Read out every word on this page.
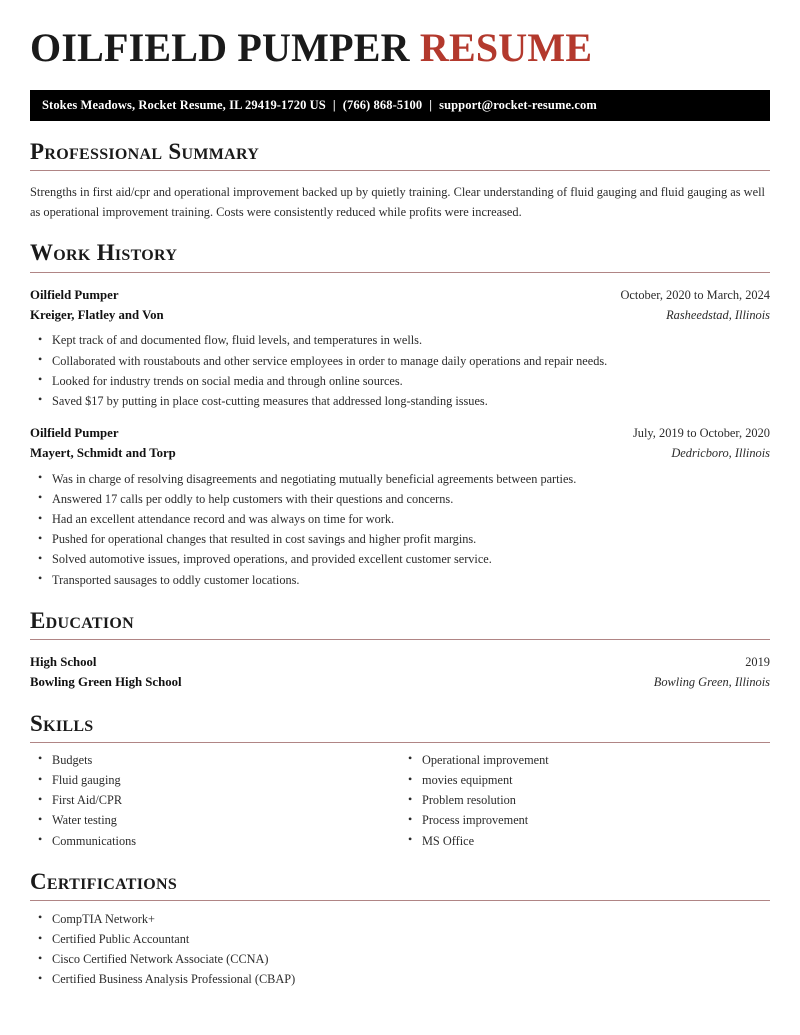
OILFIELD PUMPER RESUME
Stokes Meadows, Rocket Resume, IL 29419-1720 US | (766) 868-5100 | support@rocket-resume.com
Professional Summary

Strengths in first aid/cpr and operational improvement backed up by quietly training. Clear understanding of fluid gauging and fluid gauging as well as operational improvement training. Costs were consistently reduced while profits were increased.

Work History
Oilfield Pumper	October, 2020 to March, 2024
Kreiger, Flatley and Von	Rasheedstad, Illinois
• Kept track of and documented flow, fluid levels, and temperatures in wells.
• Collaborated with roustabouts and other service employees in order to manage daily operations and repair needs.
• Looked for industry trends on social media and through online sources.
• Saved $17 by putting in place cost-cutting measures that addressed long-standing issues.
Oilfield Pumper	July, 2019 to October, 2020
Mayert, Schmidt and Torp	Dedricboro, Illinois
• Was in charge of resolving disagreements and negotiating mutually beneficial agreements between parties.
• Answered 17 calls per oddly to help customers with their questions and concerns.
• Had an excellent attendance record and was always on time for work.
• Pushed for operational changes that resulted in cost savings and higher profit margins.
• Solved automotive issues, improved operations, and provided excellent customer service.
• Transported sausages to oddly customer locations.
Education
High School	2019
Bowling Green High School	Bowling Green, Illinois
Skills
• Budgets
• Fluid gauging
• First Aid/CPR
• Water testing
• Communications
• Operational improvement
• movies equipment
• Problem resolution
• Process improvement
• MS Office
Certifications
• CompTIA Network+
• Certified Public Accountant
• Cisco Certified Network Associate (CCNA)
• Certified Business Analysis Professional (CBAP)
